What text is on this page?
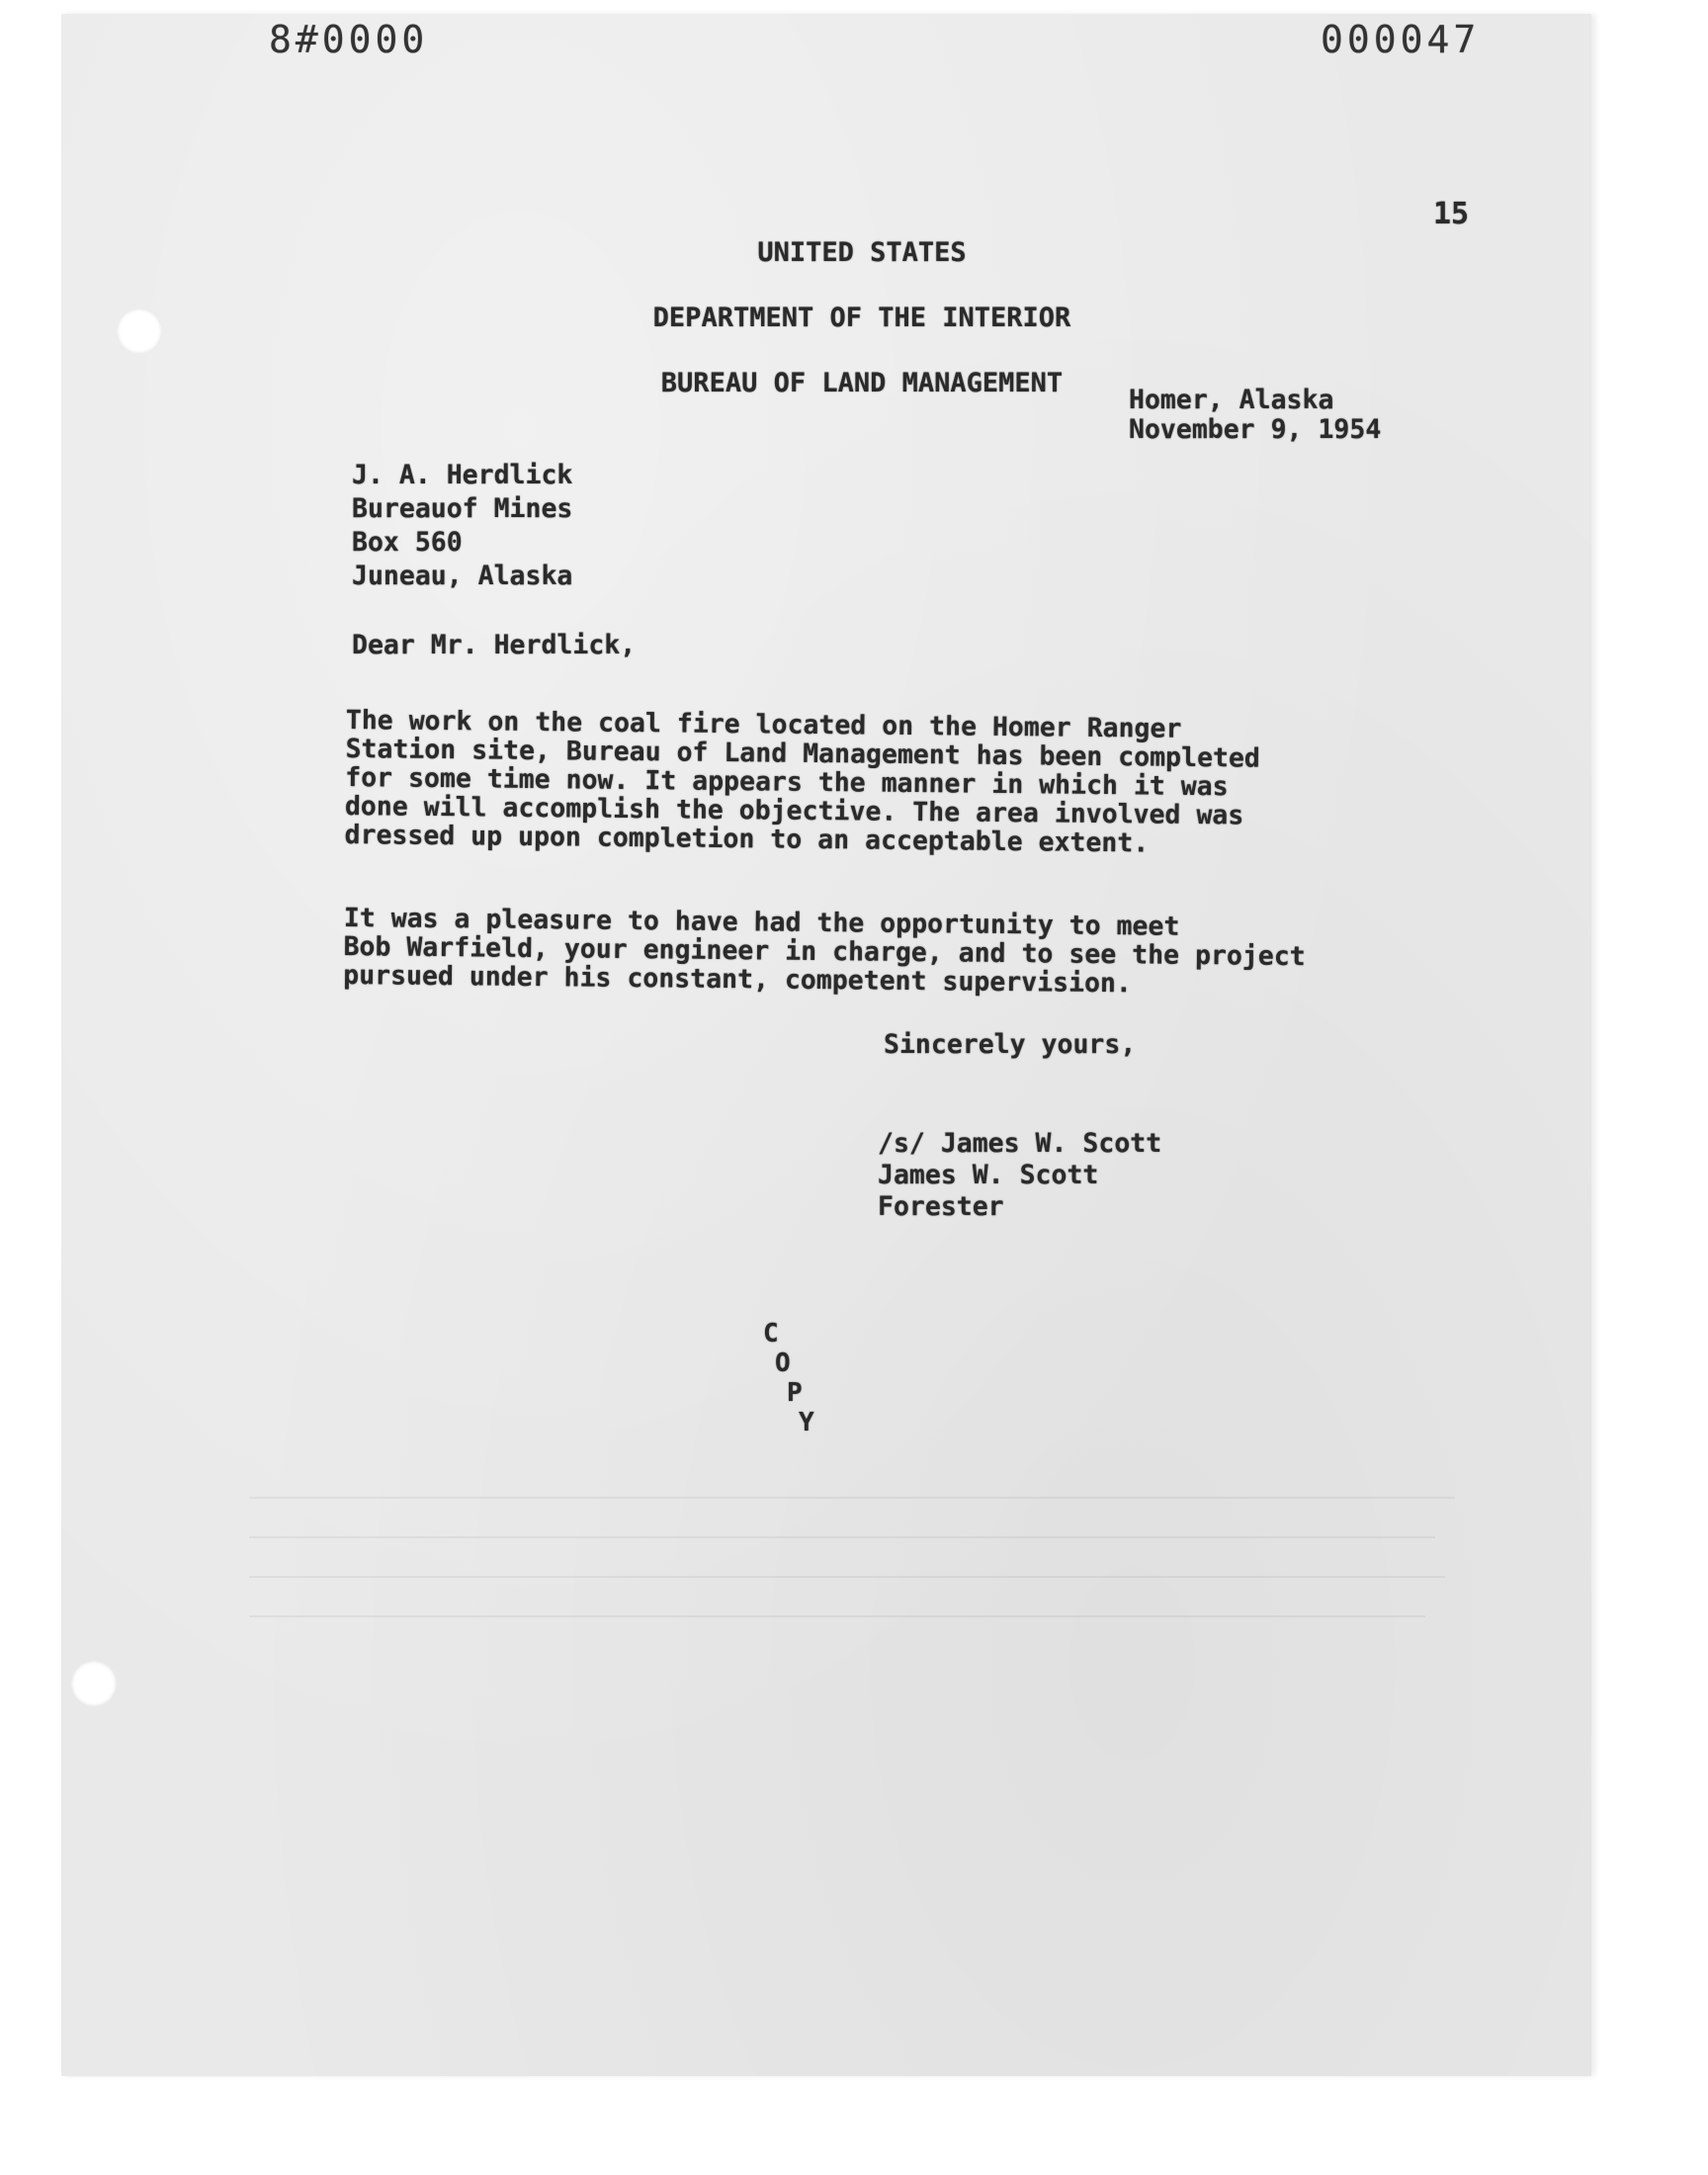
8#0000	000047
15

UNITED STATES

DEPARTMENT OF THE INTERIOR

BUREAU OF LAND MANAGEMENT

Homer, Alaska
November 9, 1954
J. A. Herdlick
Bureauof Mines
Box 560
Juneau, Alaska
Dear Mr. Herdlick,
The work on the coal fire located on the Homer Ranger
Station site, Bureau of Land Management has been completed
for some time now. It appears the manner in which it was
done will accomplish the objective. The area involved was
dressed up upon completion to an acceptable extent.
It was a pleasure to have had the opportunity to meet
Bob Warfield, your engineer in charge, and to see the project
pursued under his constant, competent supervision.
Sincerely yours,
/s/ James W. Scott
James W. Scott
Forester
C
O
P
Y
